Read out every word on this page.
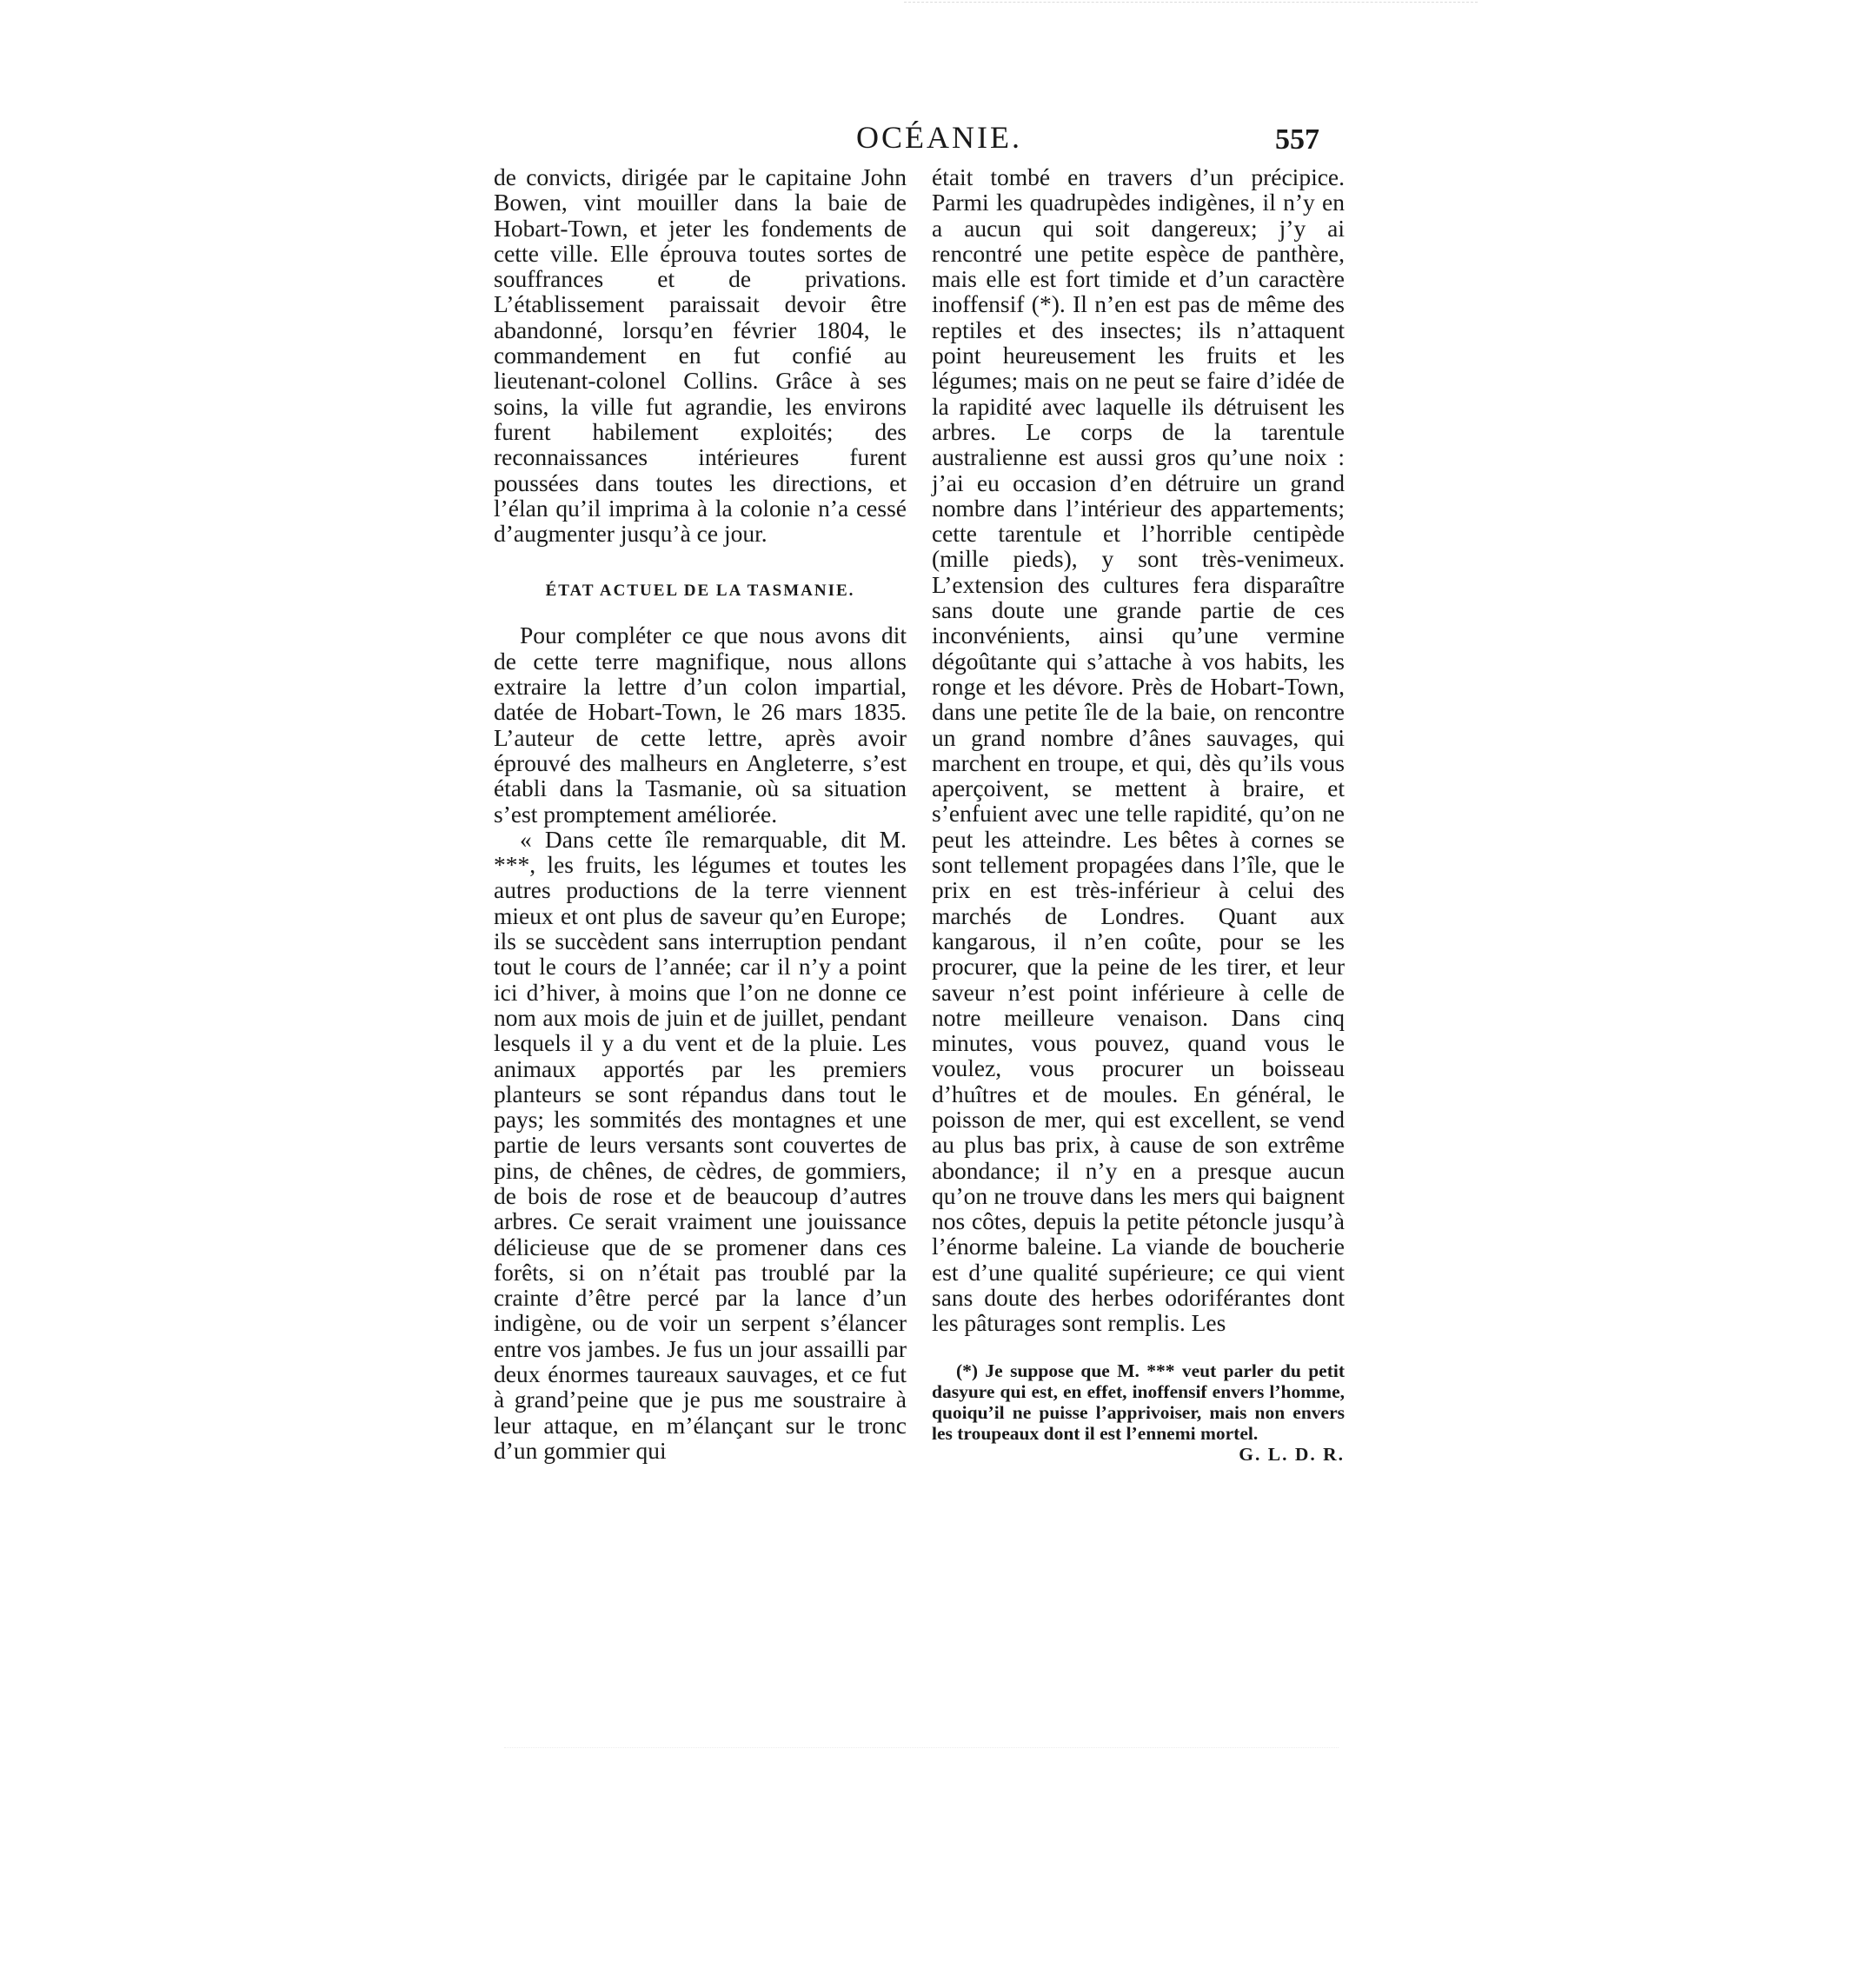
OCÉANIE.	557

de convicts, dirigée par le capitaine John Bowen, vint mouiller dans la baie de Hobart-Town, et jeter les fondements de cette ville. Elle éprouva toutes sortes de souffrances et de privations. L’établissement paraissait devoir être abandonné, lorsqu’en février 1804, le commandement en fut confié au lieutenant-colonel Collins. Grâce à ses soins, la ville fut agrandie, les environs furent habilement exploités; des reconnaissances intérieures furent poussées dans toutes les directions, et l’élan qu’il imprima à la colonie n’a cessé d’augmenter jusqu’à ce jour.

ÉTAT ACTUEL DE LA TASMANIE.

Pour compléter ce que nous avons dit de cette terre magnifique, nous allons extraire la lettre d’un colon impartial, datée de Hobart-Town, le 26 mars 1835. L’auteur de cette lettre, après avoir éprouvé des malheurs en Angleterre, s’est établi dans la Tasmanie, où sa situation s’est promptement améliorée.

« Dans cette île remarquable, dit M. ***, les fruits, les légumes et toutes les autres productions de la terre viennent mieux et ont plus de saveur qu’en Europe; ils se succèdent sans interruption pendant tout le cours de l’année; car il n’y a point ici d’hiver, à moins que l’on ne donne ce nom aux mois de juin et de juillet, pendant lesquels il y a du vent et de la pluie. Les animaux apportés par les premiers planteurs se sont répandus dans tout le pays; les sommités des montagnes et une partie de leurs versants sont couvertes de pins, de chênes, de cèdres, de gommiers, de bois de rose et de beaucoup d’autres arbres. Ce serait vraiment une jouissance délicieuse que de se promener dans ces forêts, si on n’était pas troublé par la crainte d’être percé par la lance d’un indigène, ou de voir un serpent s’élancer entre vos jambes. Je fus un jour assailli par deux énormes taureaux sauvages, et ce fut à grand’peine que je pus me soustraire à leur attaque, en m’élançant sur le tronc d’un gommier qui

était tombé en travers d’un précipice. Parmi les quadrupèdes indigènes, il n’y en a aucun qui soit dangereux; j’y ai rencontré une petite espèce de panthère, mais elle est fort timide et d’un caractère inoffensif (*). Il n’en est pas de même des reptiles et des insectes; ils n’attaquent point heureusement les fruits et les légumes; mais on ne peut se faire d’idée de la rapidité avec laquelle ils détruisent les arbres. Le corps de la tarentule australienne est aussi gros qu’une noix : j’ai eu occasion d’en détruire un grand nombre dans l’intérieur des appartements; cette tarentule et l’horrible centipède (mille pieds), y sont très-venimeux. L’extension des cultures fera disparaître sans doute une grande partie de ces inconvénients, ainsi qu’une vermine dégoûtante qui s’attache à vos habits, les ronge et les dévore. Près de Hobart-Town, dans une petite île de la baie, on rencontre un grand nombre d’ânes sauvages, qui marchent en troupe, et qui, dès qu’ils vous aperçoivent, se mettent à braire, et s’enfuient avec une telle rapidité, qu’on ne peut les atteindre. Les bêtes à cornes se sont tellement propagées dans l’île, que le prix en est très-inférieur à celui des marchés de Londres. Quant aux kangarous, il n’en coûte, pour se les procurer, que la peine de les tirer, et leur saveur n’est point inférieure à celle de notre meilleure venaison. Dans cinq minutes, vous pouvez, quand vous le voulez, vous procurer un boisseau d’huîtres et de moules. En général, le poisson de mer, qui est excellent, se vend au plus bas prix, à cause de son extrême abondance; il n’y en a presque aucun qu’on ne trouve dans les mers qui baignent nos côtes, depuis la petite pétoncle jusqu’à l’énorme baleine. La viande de boucherie est d’une qualité supérieure; ce qui vient sans doute des herbes odoriférantes dont les pâturages sont remplis. Les

(*) Je suppose que M. *** veut parler du petit dasyure qui est, en effet, inoffensif envers l’homme, quoiqu’il ne puisse l’apprivoiser, mais non envers les troupeaux dont il est l’ennemi mortel.
G. L. D. R.
